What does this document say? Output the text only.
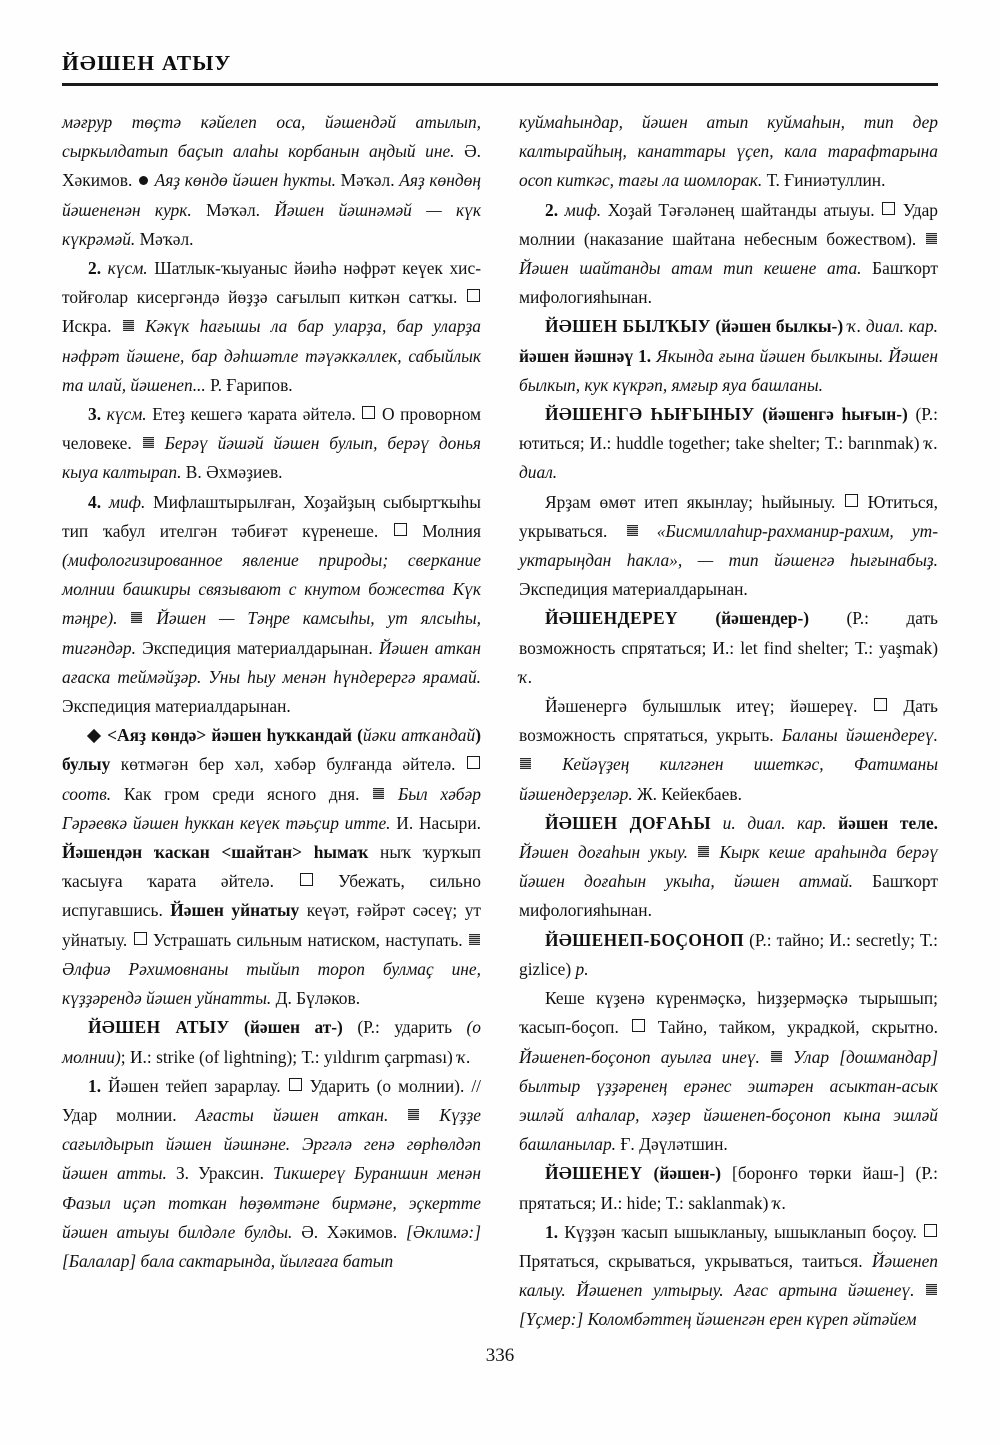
ЙӘШЕН АТЫУ

мәғрур төҫтә кәйелеп оса, йәшендәй атылып, сыркылдатып баҫып алаһы корбанын аңдый ине. Ә. Хәкимов. Аяҙ көндө йәшен һукты. Мәҡәл. Аяҙ көндөң йәшененән курк. Мәҡәл. Йәшен йәшнәмәй — күк күкрәмәй. Мәҡәл.

2. күсм. Шатлык-ҡыуаныс йәиһә нәфрәт кеүек хис-тойғолар кисергәндә йөҙҙә сағылып киткән сатҡы.  Искра. Кәкүк һағышы ла бар уларҙа, бар уларҙа нәфрәт йәшене, бар дәһшәтле тәүәккәллек, сабыйлык та илай, йәшенеп... Р. Ғарипов.

3. күсм. Етеҙ кешегә ҡарата әйтелә. О проворном человеке. Берәү йәшәй йәшен булып, берәү донья кыуа калтырап. В. Әхмәҙиев.

4. миф. Мифлаштырылған, Хоҙайҙың сыбыртҡыһы тип ҡабул ителгән тәбиғәт күренеше.	Молния (мифологизированное явление природы; сверкание молнии башкиры связывают с кнутом божества Күк тәңре). Йәшен — Тәңре камсыһы, ут ялсыһы, тигәндәр. Экспедиция материалдарынан. Йәшен аткан ағаска теймәйҙәр. Уны һыу менән һүндерергә ярамай. Экспедиция материалдарынан.

<Аяҙ көндә> йәшен һуҡкандай (йәки атҡандай) булыу көтмәгән бер хәл, хәбәр булғанда әйтелә.  соотв. Как гром среди ясного дня. Был хәбәр Гәрәевкә йәшен һуккан кеүек тәьҫир итте. И. Насыри. Йәшендән ҡаскан <шайтан> һымаҡ ныҡ ҡурҡып ҡасыуға ҡарата әйтелә.	Убежать, сильно испугавшись. Йәшен уйнатыу кеүәт, ғәйрәт сәсеү; ут уйнатыу. Устрашать сильным натиском, наступать.  Әлфиә Рәхимовнаны тыйып тороп булмаҫ ине, күҙҙәрендә йәшен уйнатты. Д. Бүләков.

ЙӘШЕН АТЫУ (йәшен ат-) (Р.: ударить (о молнии); И.: strike (of lightning); Т.: yıldırım çarpması) ҡ.

1. Йәшен тейеп зарарлау. Ударить (о молнии). // Удар молнии. Ағасты йәшен аткан.	Күҙҙе сағылдырып йәшен йәшнәне. Эргәлә генә гөрһөлдәп йәшен атты. З. Ураксин. Тикшереү Бураншин менән Фазыл иҫәп тоткан һөҙөмтәне бирмәне, эҫкертте йәшен атыуы билдәле булды. Ә. Хәкимов. [Әклимә:] [Балалар] бала сактарында, йылғаға батып

куймаһындар, йәшен атып куймаһын, тип дер калтырайһың, канаттары үҫеп, кала тарафтарына осоп киткәс, тағы ла шомлорак. Т. Ғиниәтуллин.

2. миф. Хоҙай Тәғәләнең шайтанды атыуы. Удар молнии (наказание шайтана небесным божеством).  Йәшен шайтанды атам тип кешене ата. Башҡорт мифологияһынан.

ЙӘШЕН БЫЛҠЫУ (йәшен былкы-) ҡ. диал. кар. йәшен йәшнәү 1. Якында ғына йәшен былкыны. Йәшен былкып, кук күкрәп, ямғыр яуа башланы.

ЙӘШЕНГӘ ҺЫҒЫНЫУ (йәшенгә һығын-) (Р.: ютиться; И.: huddle together; take shelter; Т.: barınmak) ҡ. диал.

Ярҙам өмөт итеп якынлау; һыйыныу. Ютиться, укрываться.	«Бисмиллаһир-рахманир-рахим, ут-уктарыңдан һакла», — тип йәшенгә һығынабыҙ. Экспедиция материалдарынан.

ЙӘШЕНДЕРЕҮ (йәшендер-) (Р.: дать возможность спрятаться; И.: let find shelter; Т.: yaşmak) ҡ.

Йәшенергә булышлык итеү; йәшереү.	Дать возможность спрятаться, укрыть. Баланы йәшендереү.  Кейәүҙең килгәнен ишеткәс, Фатиманы йәшендерҙеләр. Ж. Кейекбаев.

ЙӘШЕН ДОҒАҺЫ и. диал. кар. йәшен теле. Йәшен доғаһын укыу. Кырк кеше араһында берәү йәшен доғаһын укыһа, йәшен атмай. Башҡорт мифологияһынан.

ЙӘШЕНЕП-БОҪОНОП (Р.: тайно; И.: secretly; Т.: gizlice) р.

Кеше күҙенә күренмәҫкә, һиҙҙермәҫкә тырышып; ҡасып-боҫоп. Тайно, тайком, украдкой, скрытно. Йәшенеп-боҫоноп ауылға инеү. Улар [дошмандар] былтыр үҙҙәренең ерәнес эштәрен асыктан-асык эшләй алһалар, хәҙер йәшенеп-боҫоноп кына эшләй башланылар. Ғ. Дәүләтшин.

ЙӘШЕНЕҮ (йәшен-) [боронғо төрки йаш-] (Р.: прятаться; И.: hide; Т.: saklanmak) ҡ.

1. Күҙҙән ҡасып ышыкланыу, ышыкланып боҫоу.  Прятаться, скрываться, укрываться, таиться. Йәшенеп калыу. Йәшенеп ултырыу. Ағас артына йәшенеү.  [Үҫмер:] Коломбәттең йәшенгән ерен күреп әйтәйем

336
